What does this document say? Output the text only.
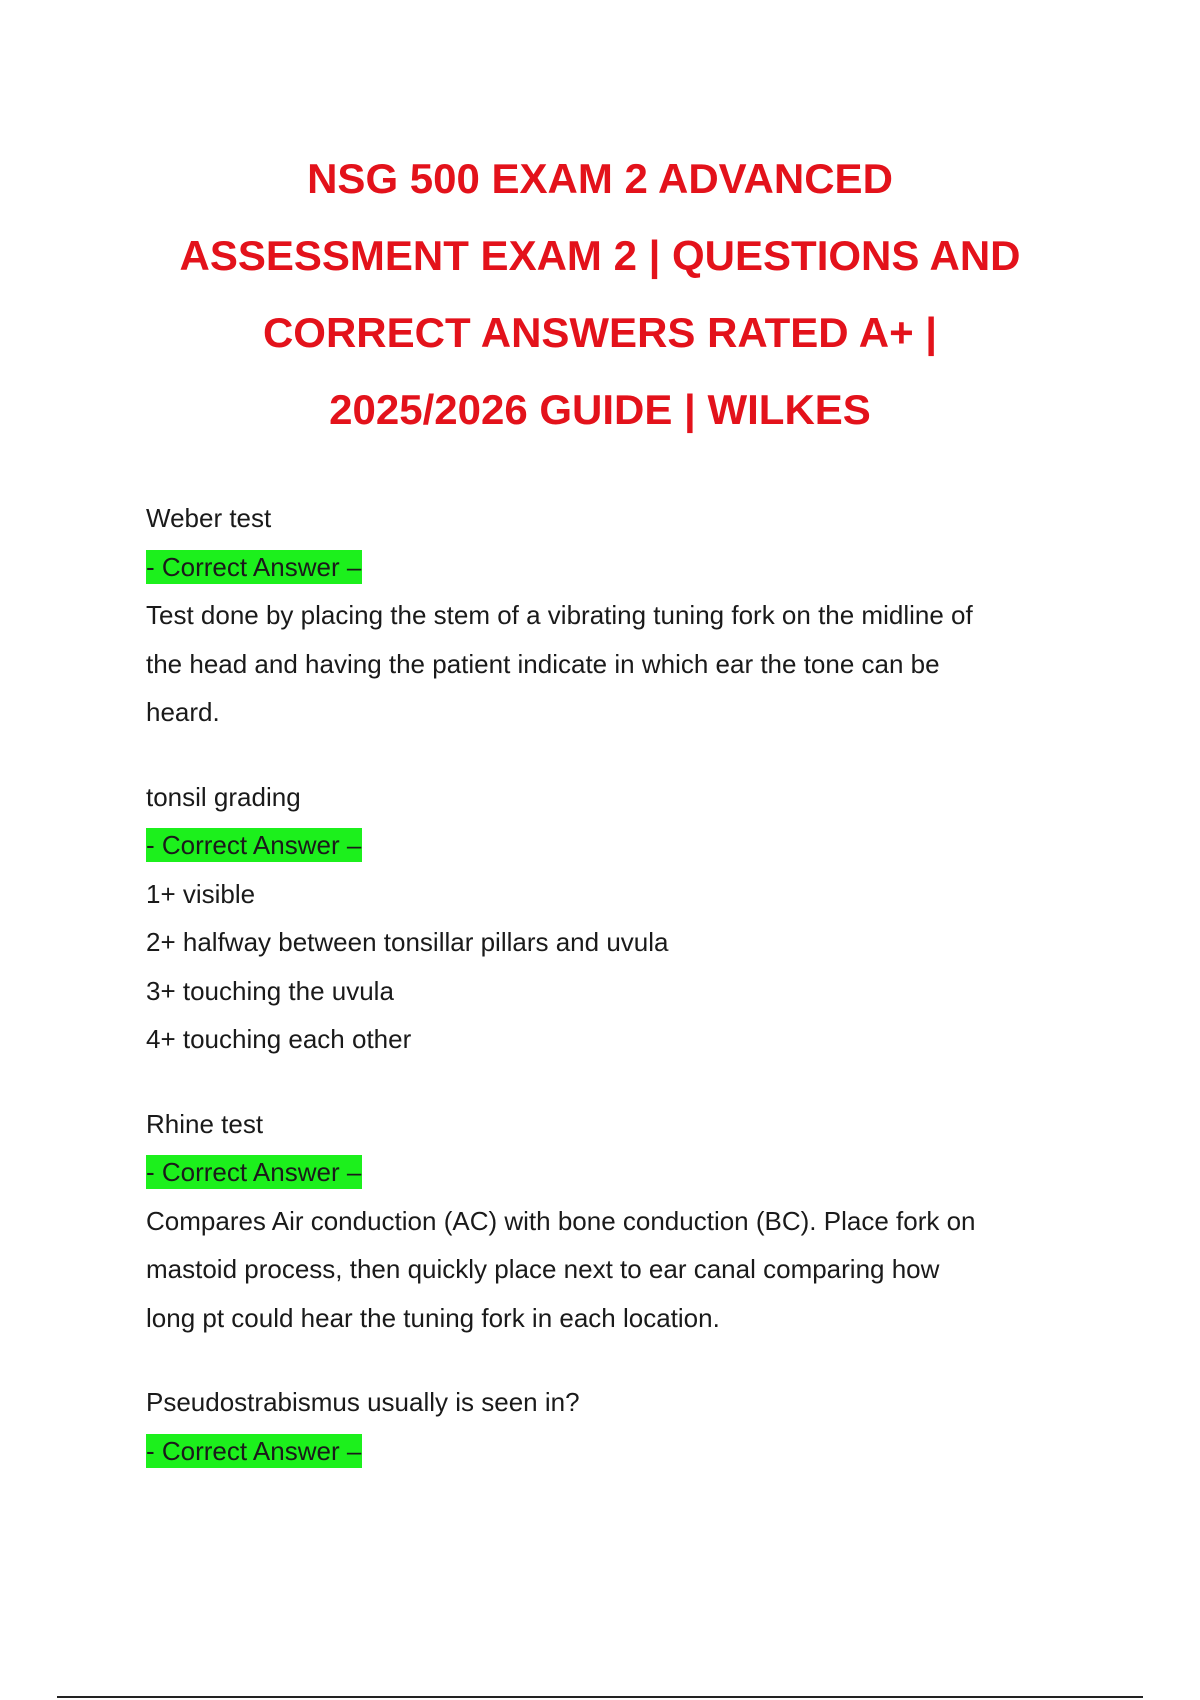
NSG 500 EXAM 2 ADVANCED
ASSESSMENT EXAM 2 | QUESTIONS AND
CORRECT ANSWERS RATED A+ |
2025/2026 GUIDE | WILKES
Weber test
- Correct Answer –
Test done by placing the stem of a vibrating tuning fork on the midline of
the head and having the patient indicate in which ear the tone can be
heard.
tonsil grading
- Correct Answer –
1+ visible
2+ halfway between tonsillar pillars and uvula
3+ touching the uvula
4+ touching each other
Rhine test
- Correct Answer –
Compares Air conduction (AC) with bone conduction (BC). Place fork on
mastoid process, then quickly place next to ear canal comparing how
long pt could hear the tuning fork in each location.
Pseudostrabismus usually is seen in?
- Correct Answer –
